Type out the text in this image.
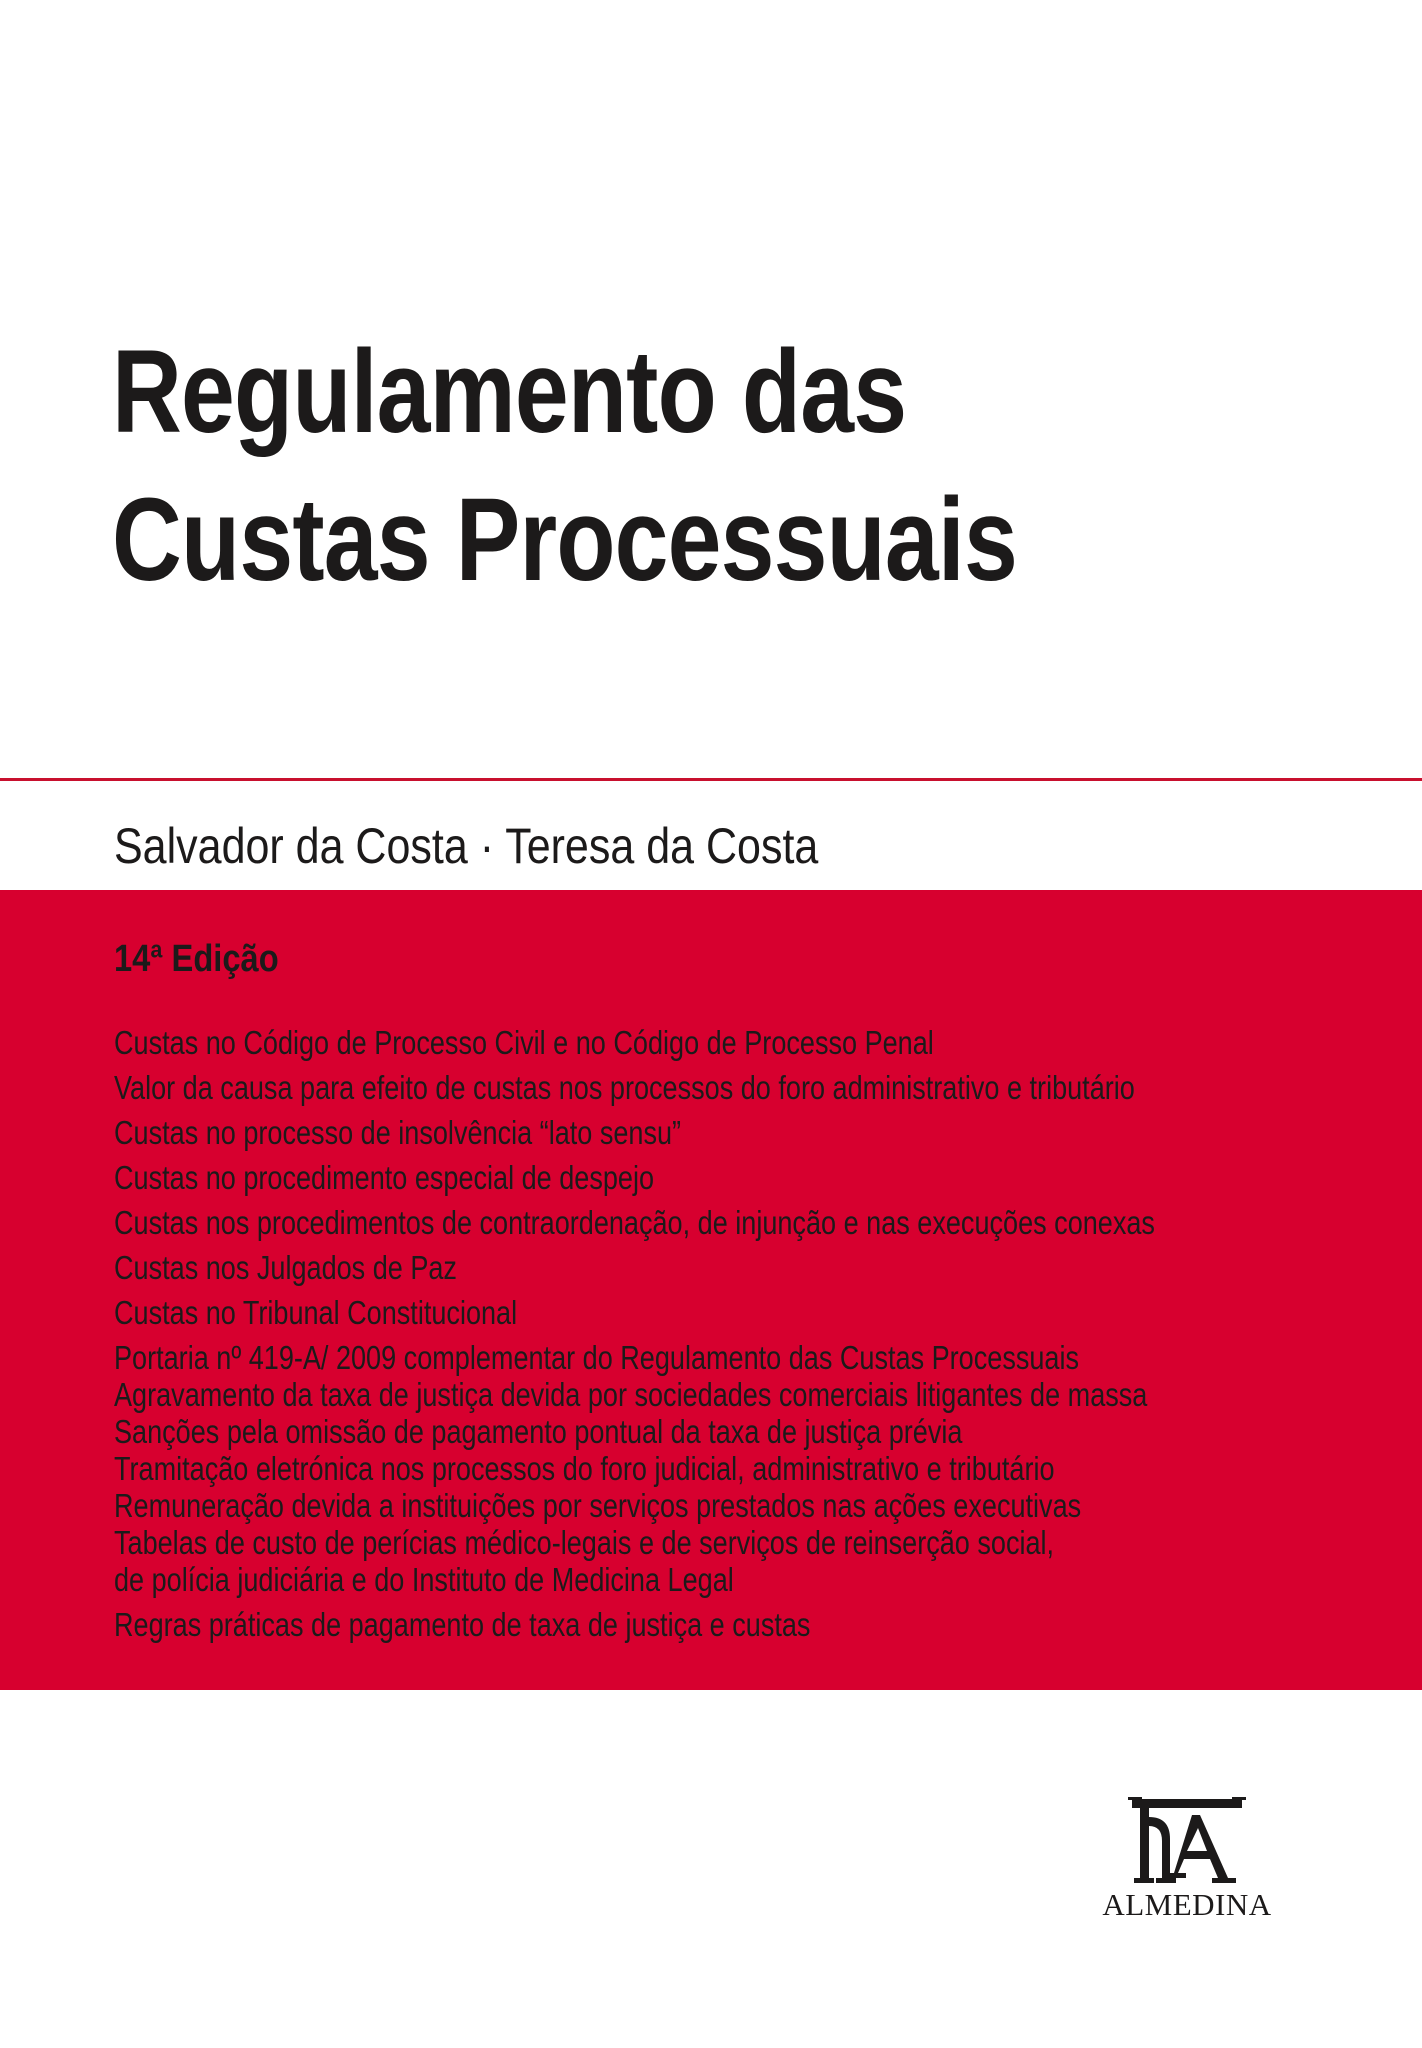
Regulamento das
Custas Processuais
Salvador da Costa · Teresa da Costa
14ª Edição
Custas no Código de Processo Civil e no Código de Processo Penal
Valor da causa para efeito de custas nos processos do foro administrativo e tributário
Custas no processo de insolvência “lato sensu”
Custas no procedimento especial de despejo
Custas nos procedimentos de contraordenação, de injunção e nas execuções conexas
Custas nos Julgados de Paz
Custas no Tribunal Constitucional
Portaria nº 419-A/ 2009 complementar do Regulamento das Custas Processuais
Agravamento da taxa de justiça devida por sociedades comerciais litigantes de massa
Sanções pela omissão de pagamento pontual da taxa de justiça prévia
Tramitação eletrónica nos processos do foro judicial, administrativo e tributário
Remuneração devida a instituições por serviços prestados nas ações executivas
Tabelas de custo de perícias médico-legais e de serviços de reinserção social,
de polícia judiciária e do Instituto de Medicina Legal
Regras práticas de pagamento de taxa de justiça e custas
ALMEDINA
